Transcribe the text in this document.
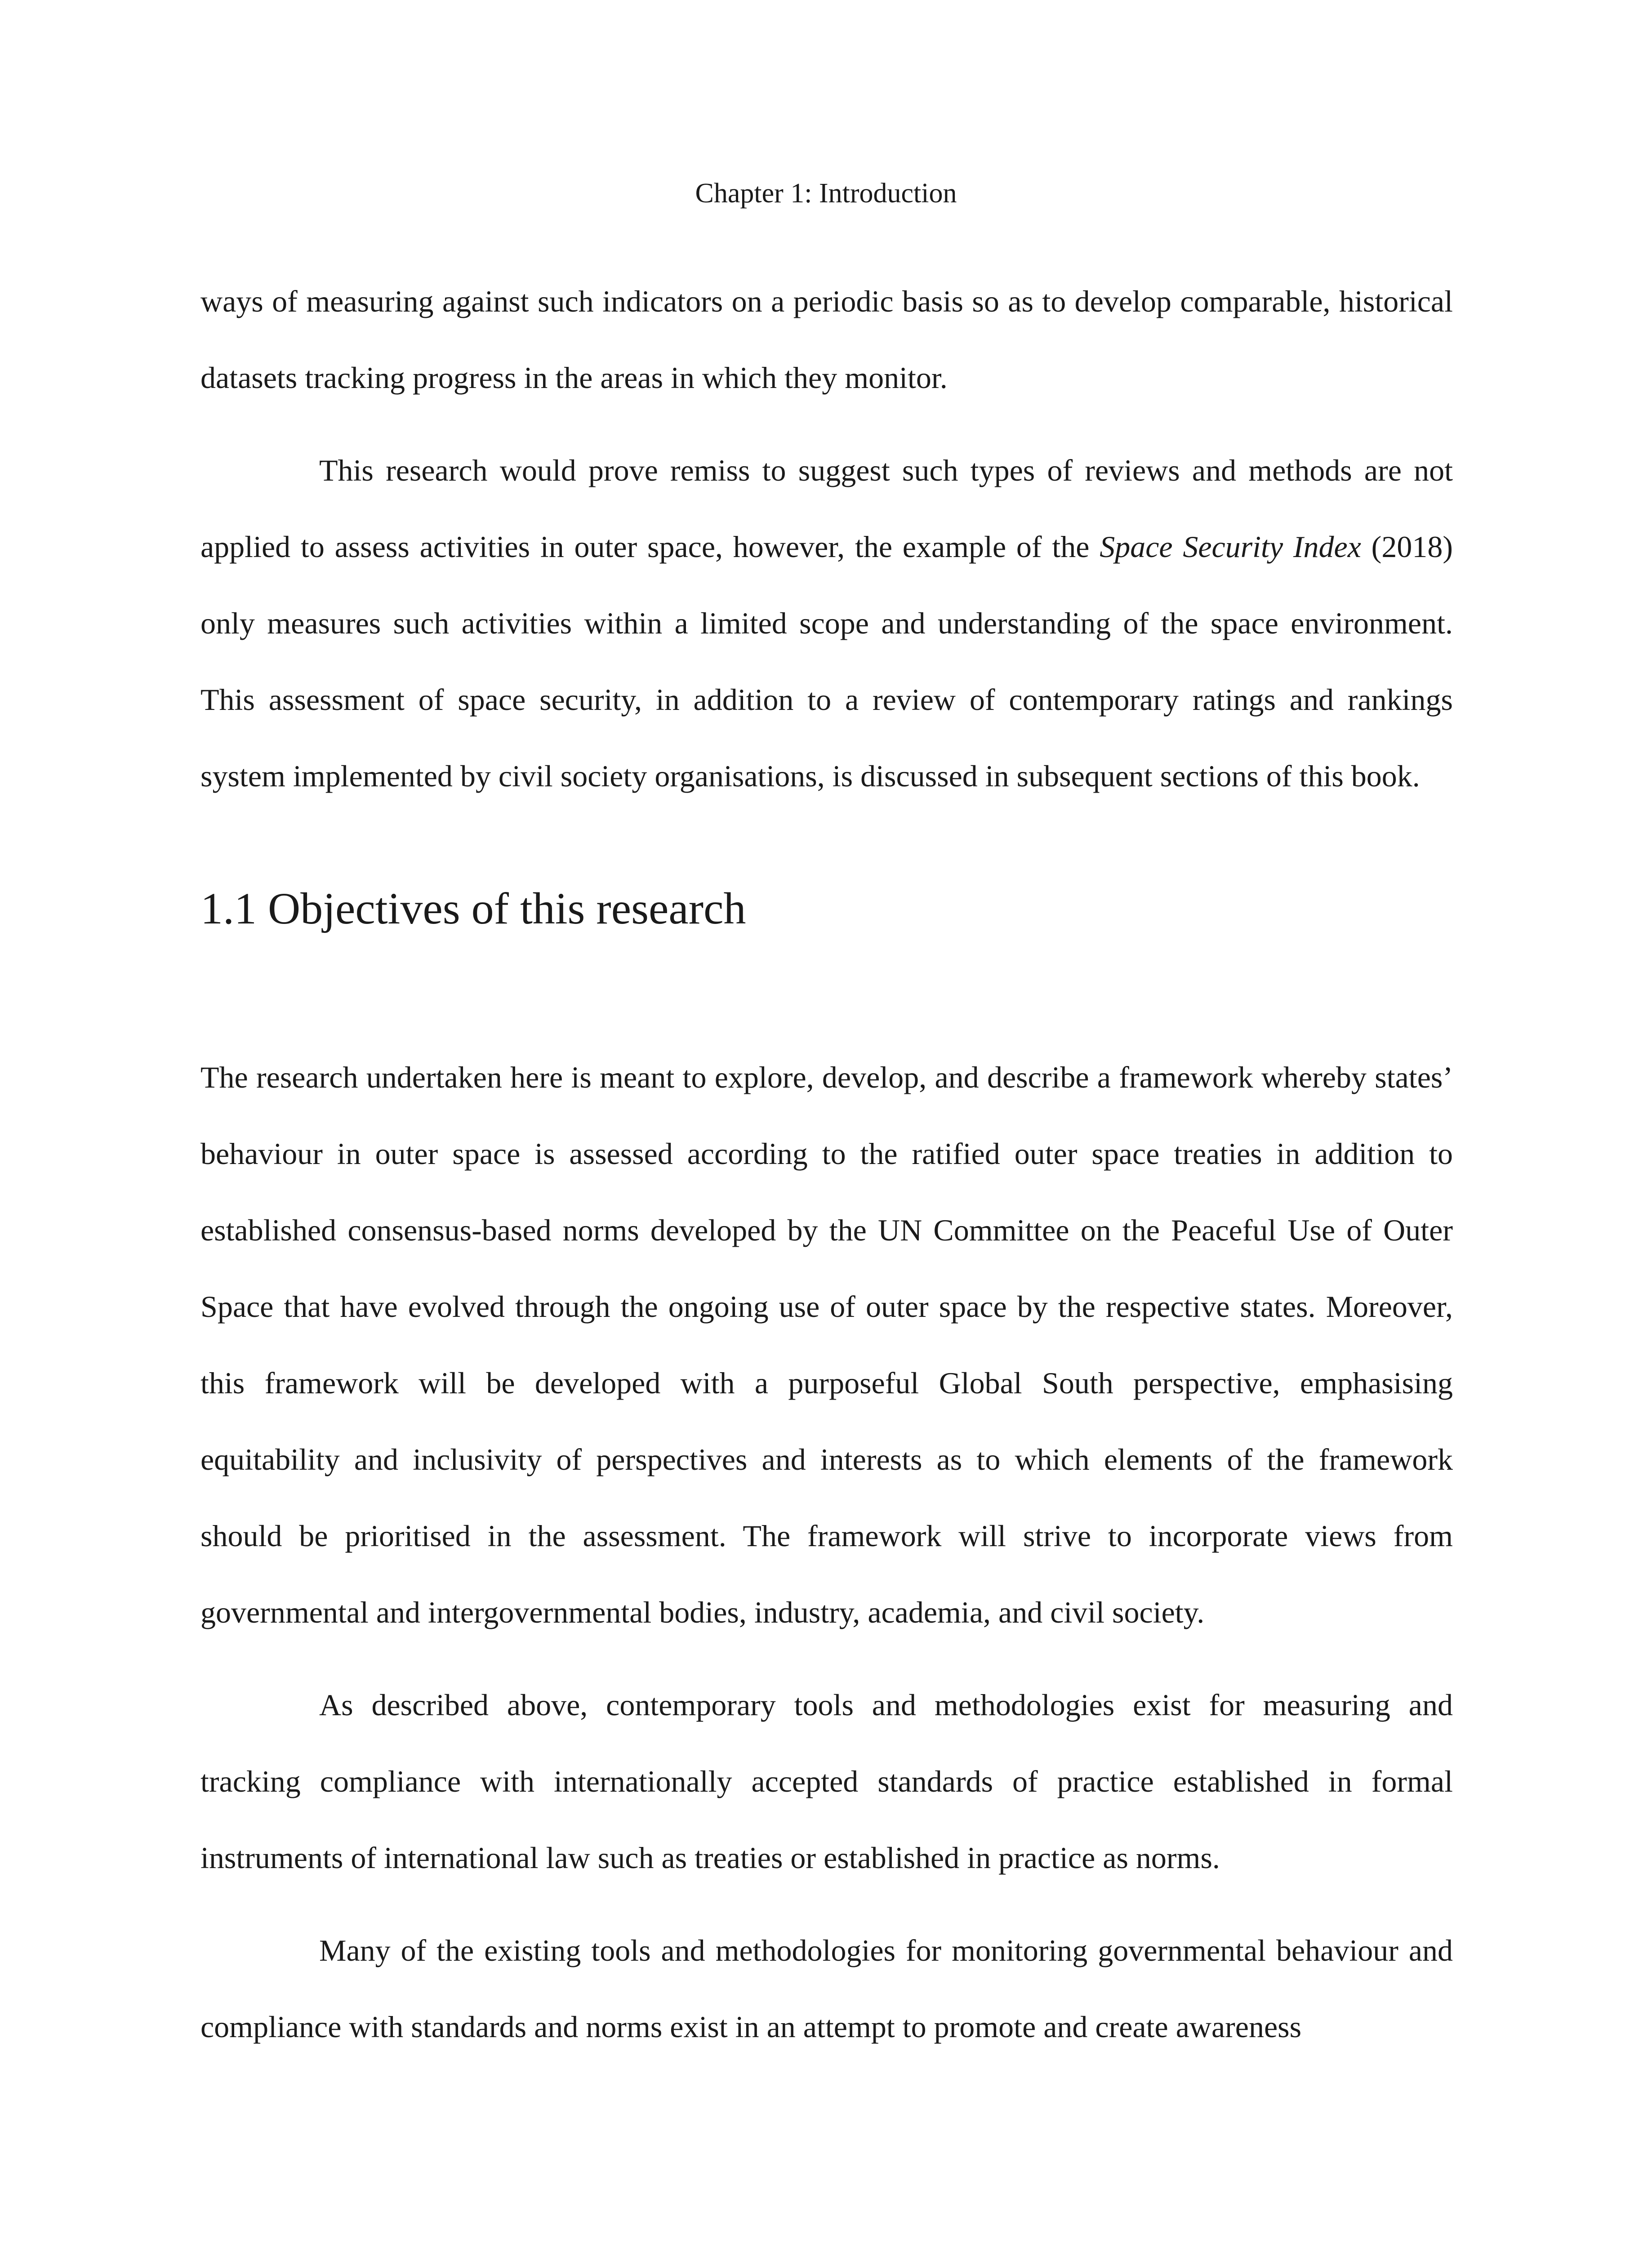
Chapter 1: Introduction

ways of measuring against such indicators on a periodic basis so as to develop comparable, historical datasets tracking progress in the areas in which they monitor.

This research would prove remiss to suggest such types of reviews and methods are not applied to assess activities in outer space, however, the example of the Space Security Index (2018) only measures such activities within a limited scope and understanding of the space environment. This assessment of space security, in addition to a review of contemporary ratings and rankings system implemented by civil society organisations, is discussed in subsequent sections of this book.

1.1 Objectives of this research

The research undertaken here is meant to explore, develop, and describe a framework whereby states’ behaviour in outer space is assessed according to the ratified outer space treaties in addition to established consensus-based norms developed by the UN Committee on the Peaceful Use of Outer Space that have evolved through the ongoing use of outer space by the respective states. Moreover, this framework will be developed with a purposeful Global South perspective, emphasising equitability and inclusivity of perspectives and interests as to which elements of the framework should be prioritised in the assessment. The framework will strive to incorporate views from governmental and intergovernmental bodies, industry, academia, and civil society.

As described above, contemporary tools and methodologies exist for measuring and tracking compliance with internationally accepted standards of practice established in formal instruments of international law such as treaties or established in practice as norms.

Many of the existing tools and methodologies for monitoring governmental behaviour and compliance with standards and norms exist in an attempt to promote and create awareness
